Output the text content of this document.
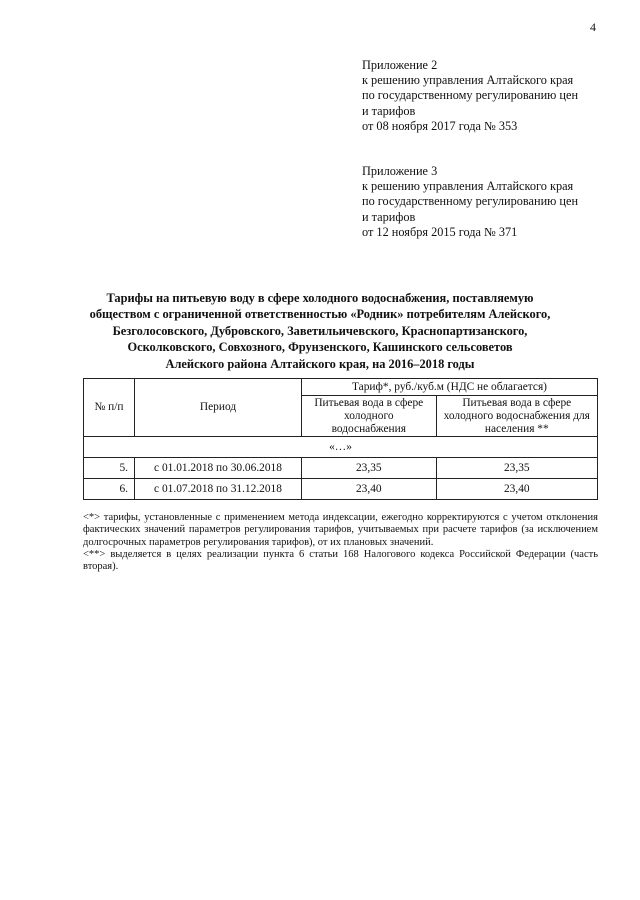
4
Приложение 2
к решению управления Алтайского края
по государственному регулированию цен
и тарифов
от 08 ноября 2017 года № 353
Приложение 3
к решению управления Алтайского края
по государственному регулированию цен
и тарифов
от 12 ноября 2015 года № 371
Тарифы на питьевую воду в сфере холодного водоснабжения, поставляемую
обществом с ограниченной ответственностью «Родник» потребителям Алейского,
Безголосовского, Дубровского, Заветильичевского, Краснопартизанского,
Осколковского, Совхозного, Фрунзенского, Кашинского сельсоветов
Алейского района Алтайского края, на 2016–2018 годы
№ п/п	Период	Тариф*, руб./куб.м (НДС не облагается)	
		Питьевая вода в сфере холодного водоснабжения	Питьевая вода в сфере холодного водоснабжения для населения **
«…»			
5.	с 01.01.2018 по 30.06.2018	23,35	23,35
6.	с 01.07.2018 по 31.12.2018	23,40	23,40

<*> тарифы, установленные с применением метода индексации, ежегодно корректируются с учетом отклонения фактических значений параметров регулирования тарифов, учитываемых при расчете тарифов (за исключением долгосрочных параметров регулирования тарифов), от их плановых значений.

<**> выделяется в целях реализации пункта 6 статьи 168 Налогового кодекса Российской Федерации (часть вторая).
